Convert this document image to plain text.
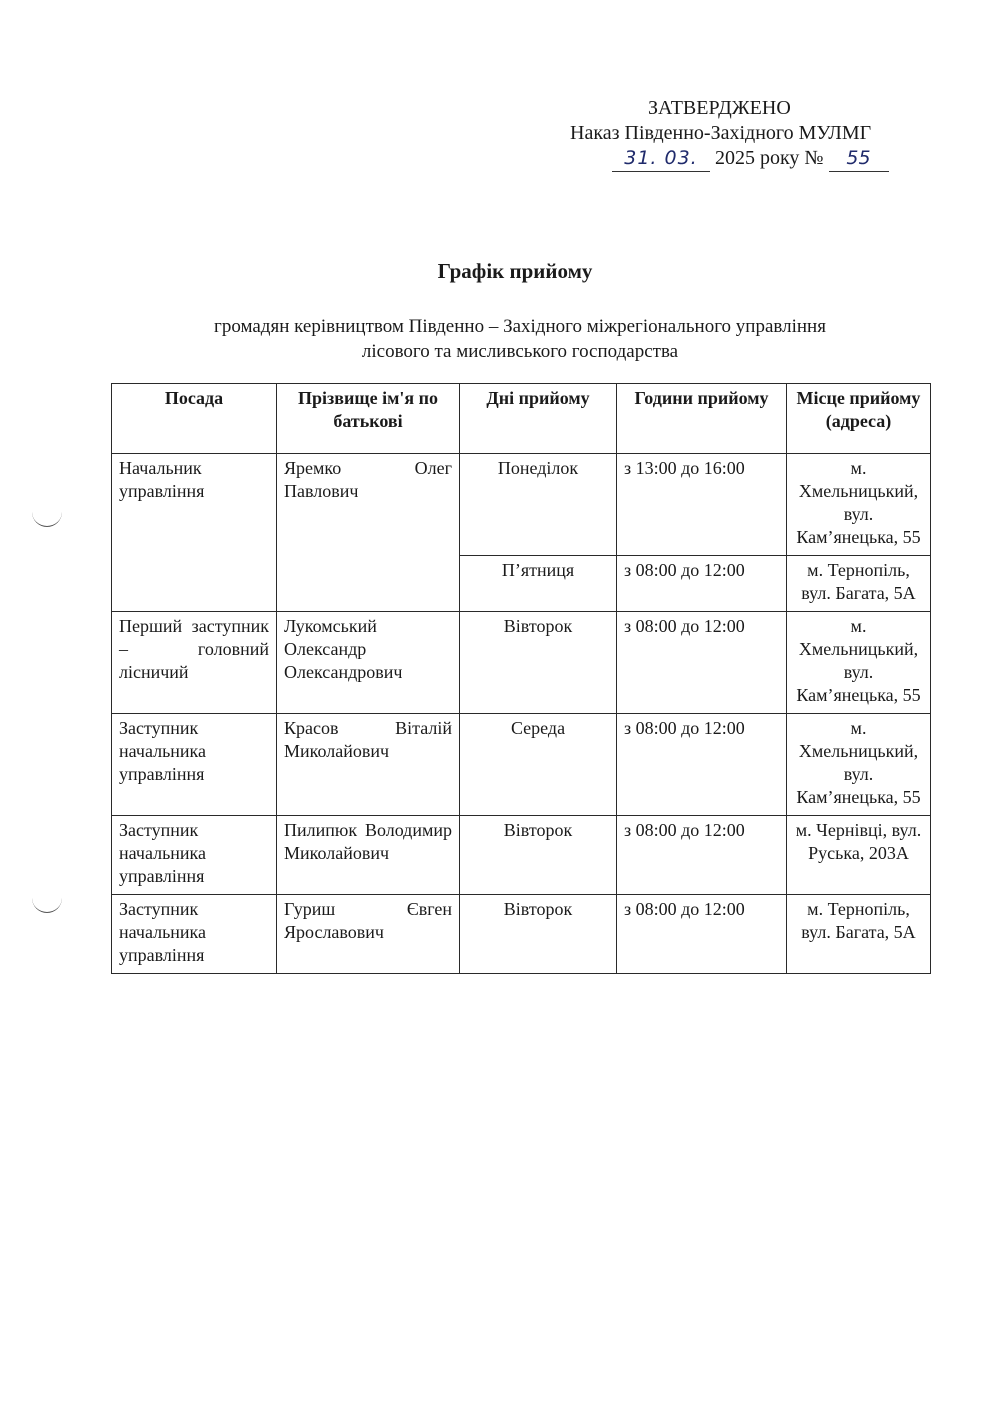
ЗАТВЕРДЖЕНО
Наказ Південно-Західного МУЛМГ
31. 03. 2025 року № 55
Графік прийому
громадян керівництвом Південно – Західного міжрегіонального управління
лісового та мисливського господарства
Посада	Прізвище ім'я по батькові	Дні прийому	Години прийому	Місце прийому (адреса)
Начальник управління	Яремко Олег Павлович	Понеділок	з 13:00 до 16:00	м. Хмельницький, вул. Кам’янецька, 55
		П’ятниця	з 08:00 до 12:00	м. Тернопіль, вул. Багата, 5А
Перший заступник – головний лісничий	Лукомський Олександр Олександрович	Вівторок	з 08:00 до 12:00	м. Хмельницький, вул. Кам’янецька, 55
Заступник начальника управління	Красов Віталій Миколайович	Середа	з 08:00 до 12:00	м. Хмельницький, вул. Кам’янецька, 55
Заступник начальника управління	Пилипюк Володимир Миколайович	Вівторок	з 08:00 до 12:00	м. Чернівці, вул. Руська, 203А
Заступник начальника управління	Гуриш Євген Ярославович	Вівторок	з 08:00 до 12:00	м. Тернопіль, вул. Багата, 5А
